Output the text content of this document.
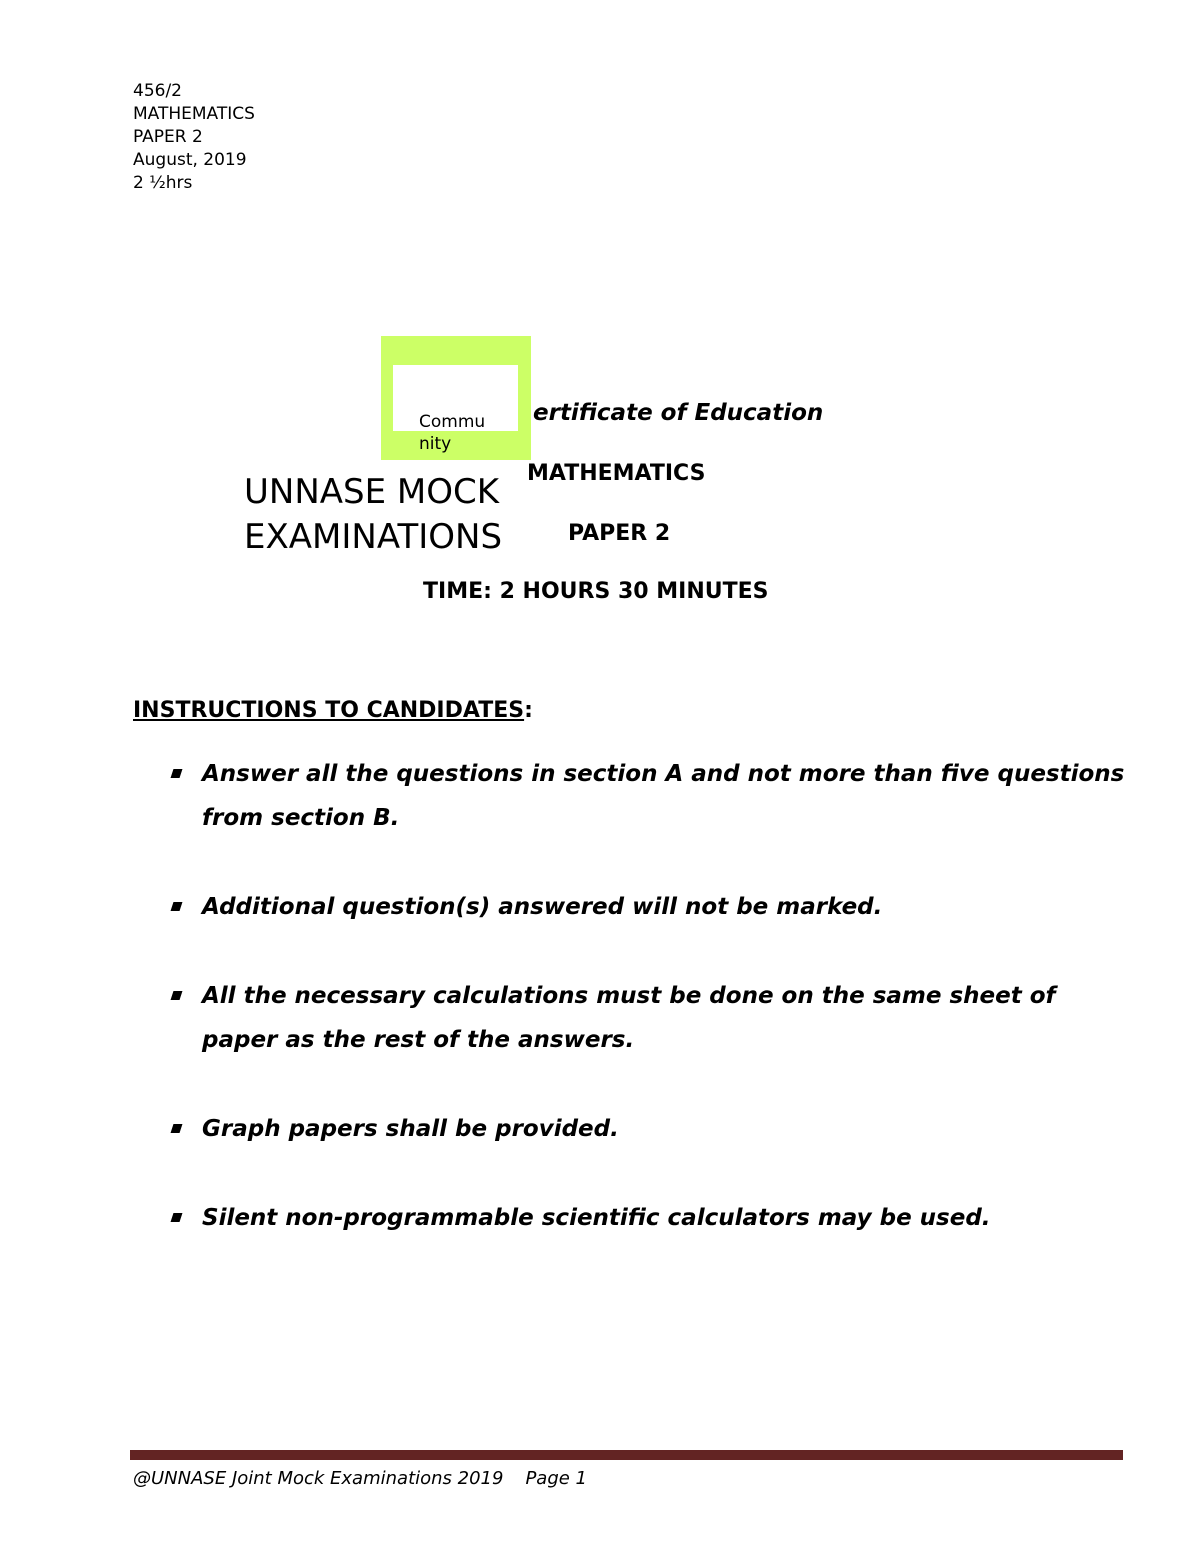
456/2
MATHEMATICS
PAPER 2
August, 2019
2 ½hrs
Commu
nity
ertificate of Education
UNNASE MOCK
EXAMINATIONS
MATHEMATICS
PAPER 2
TIME: 2 HOURS 30 MINUTES
INSTRUCTIONS TO CANDIDATES:
Answer all the questions in section A and not more than five questions from section B.
Additional question(s) answered will not be marked.
All the necessary calculations must be done on the same sheet of paper as the rest of the answers.
Graph papers shall be provided.
Silent non-programmable scientific calculators may be used.
@UNNASE Joint Mock Examinations 2019 Page 1
